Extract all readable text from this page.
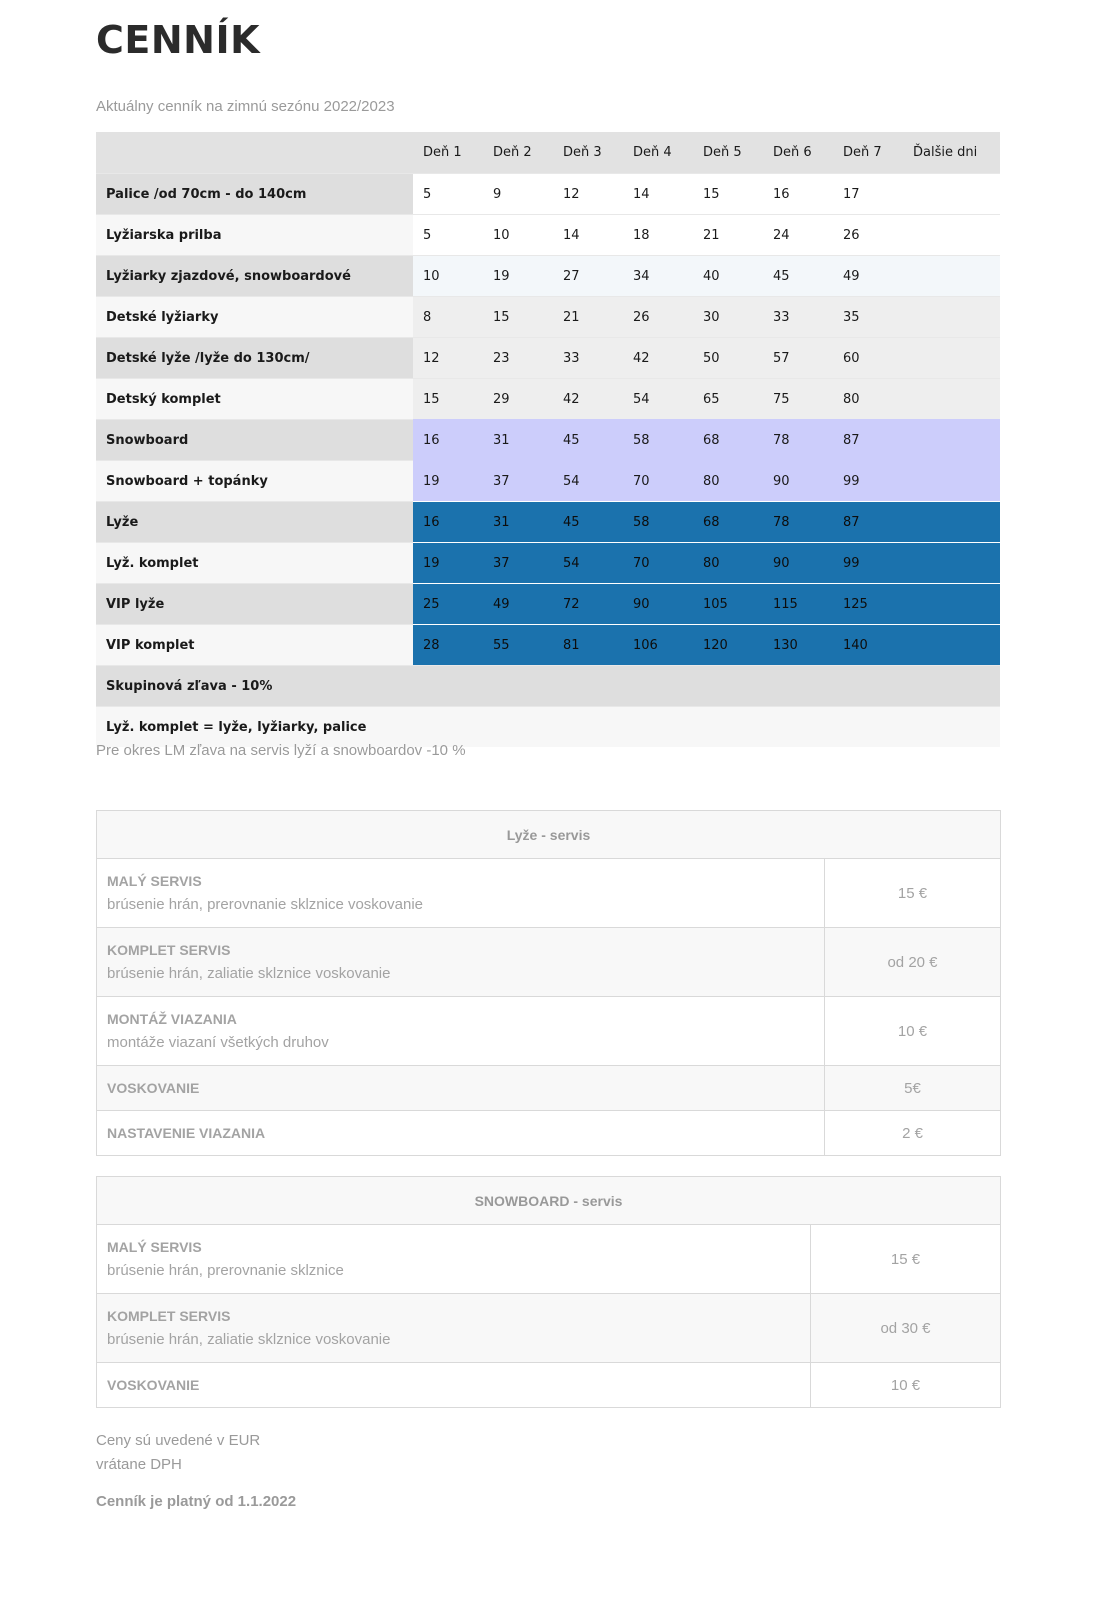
CENNÍK
Aktuálny cenník na zimnú sezónu 2022/2023
	Deň 1	Deň 2	Deň 3	Deň 4	Deň 5	Deň 6	Deň 7	Ďalšie dni
Palice /od 70cm - do 140cm	5	9	12	14	15	16	17	
Lyžiarska prilba	5	10	14	18	21	24	26	
Lyžiarky zjazdové, snowboardové	10	19	27	34	40	45	49	
Detské lyžiarky	8	15	21	26	30	33	35	
Detské lyže /lyže do 130cm/	12	23	33	42	50	57	60	
Detský komplet	15	29	42	54	65	75	80	
Snowboard	16	31	45	58	68	78	87	
Snowboard + topánky	19	37	54	70	80	90	99	
Lyže	16	31	45	58	68	78	87	
Lyž. komplet	19	37	54	70	80	90	99	
VIP lyže	25	49	72	90	105	115	125	
VIP komplet	28	55	81	106	120	130	140	
Skupinová zľava - 10%								
Lyž. komplet = lyže, lyžiarky, palice								
Pre okres LM zľava na servis lyží a snowboardov -10 %
Lyže - servis	

MALÝ SERVIS
brúsenie hrán, prerovnanie sklznice voskovanie	15 €

KOMPLET SERVIS
brúsenie hrán, zaliatie sklznice voskovanie	od 20 €

MONTÁŽ VIAZANIA
montáže viazaní všetkých druhov	10 €

VOSKOVANIE	5€

NASTAVENIE VIAZANIA	2 €
SNOWBOARD - servis	

MALÝ SERVIS
brúsenie hrán, prerovnanie sklznice	15 €

KOMPLET SERVIS
brúsenie hrán, zaliatie sklznice voskovanie	od 30 €

VOSKOVANIE	10 €
Ceny sú uvedené v EUR
vrátane DPH
Cenník je platný od 1.1.2022
